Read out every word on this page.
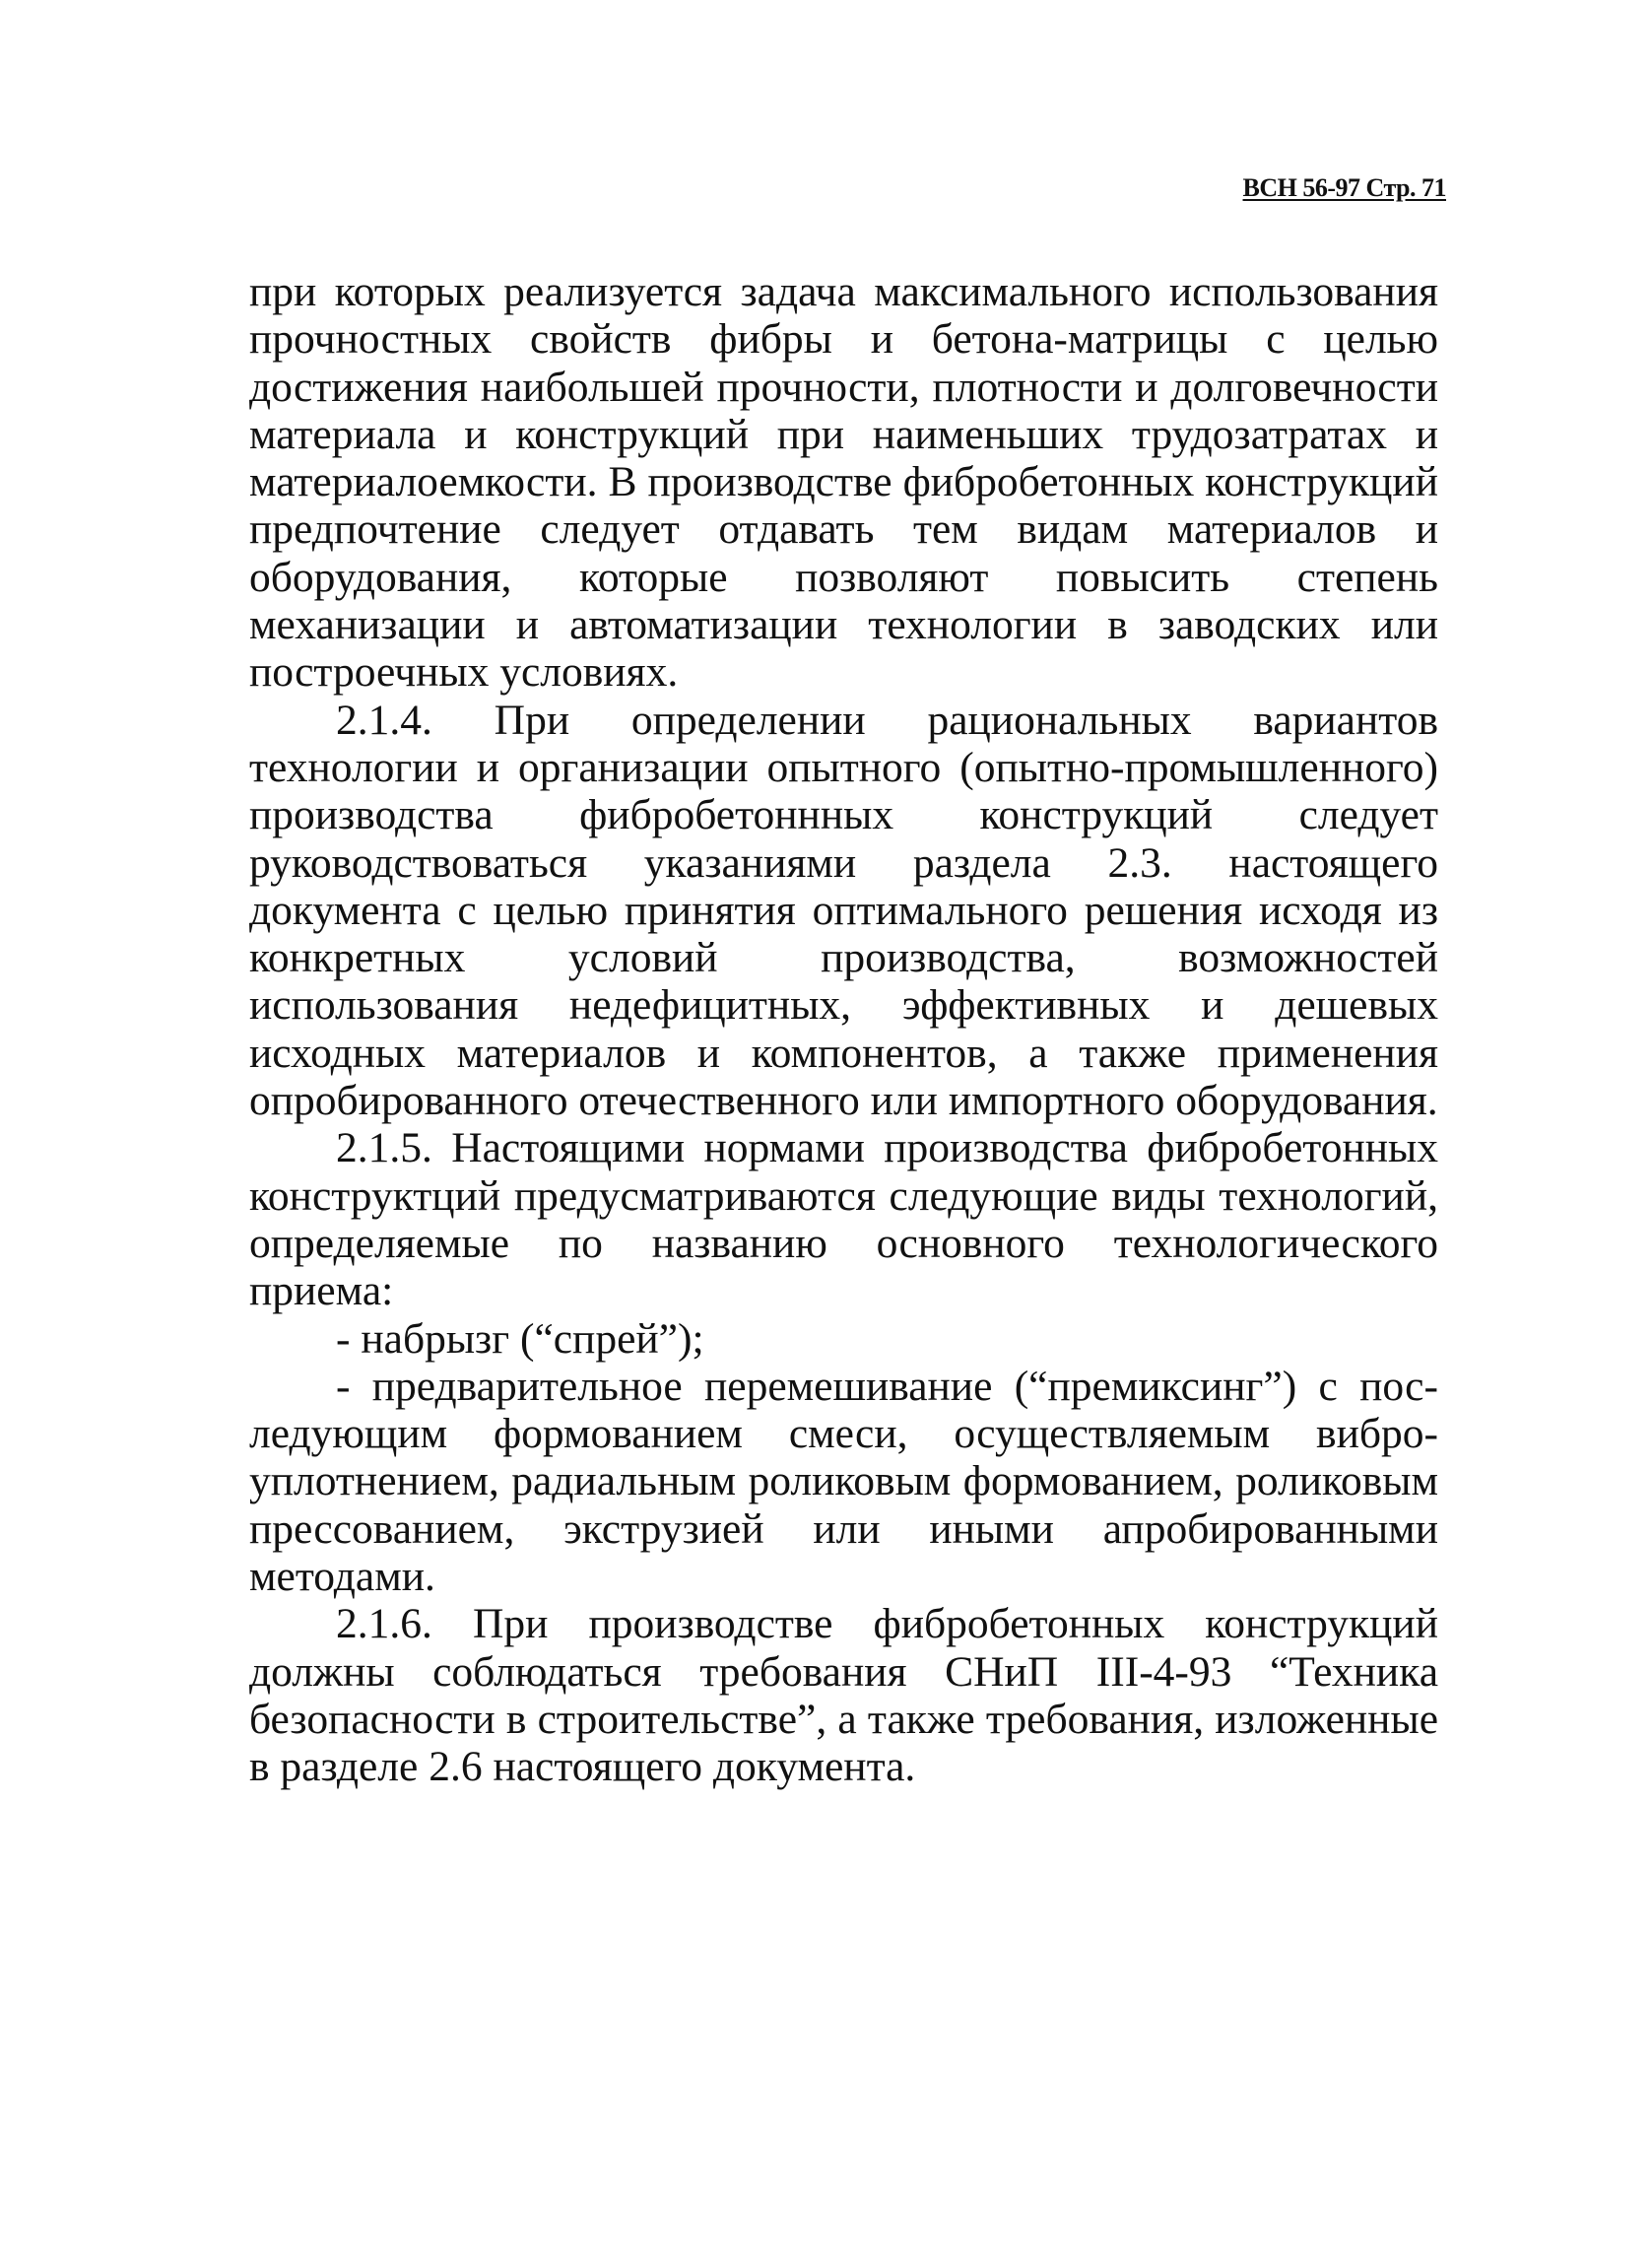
ВСН 56-97 Стр. 71

при которых реализуется задача максимального использования прочностных свойств фибры и бетона-матрицы с целью достижения наибольшей прочности, плотности и долговечности материала и конструкций при наименьших трудозатратах и материалоемкости. В производстве фибробетонных конструкций предпочтение следует отдавать тем видам материалов и оборудования, которые позволяют повысить степень механизации и автоматизации технологии в заводских или построечных условиях.

2.1.4. При определении рациональных вариантов технологии и организации опытного (опытно-промышленного) производства фибробетоннных конструкций следует руководствоваться указаниями раздела 2.3. настоящего документа с целью принятия оптимального решения исходя из конкретных условий производства, возможностей использования недефицитных, эффективных и дешевых исходных материалов и компонентов, а также применения опробированного отечественного или импортного оборудования.

2.1.5. Настоящими нормами производства фибробетонных конструктций предусматриваются следующие виды технологий, определяемые по названию основного технологического приема:

- набрызг (“спрей”);

- предварительное перемешивание (“премиксинг”) с последующим формованием смеси, осуществляемым виброуплотнением, радиальным роликовым формованием, роликовым прессованием, экструзией или иными апробированными методами.

2.1.6. При производстве фибробетонных конструкций должны соблюдаться требования СНиП III-4-93 “Техника безопасности в строительстве”, а также требования, изложенные в разделе 2.6 настоящего документа.
